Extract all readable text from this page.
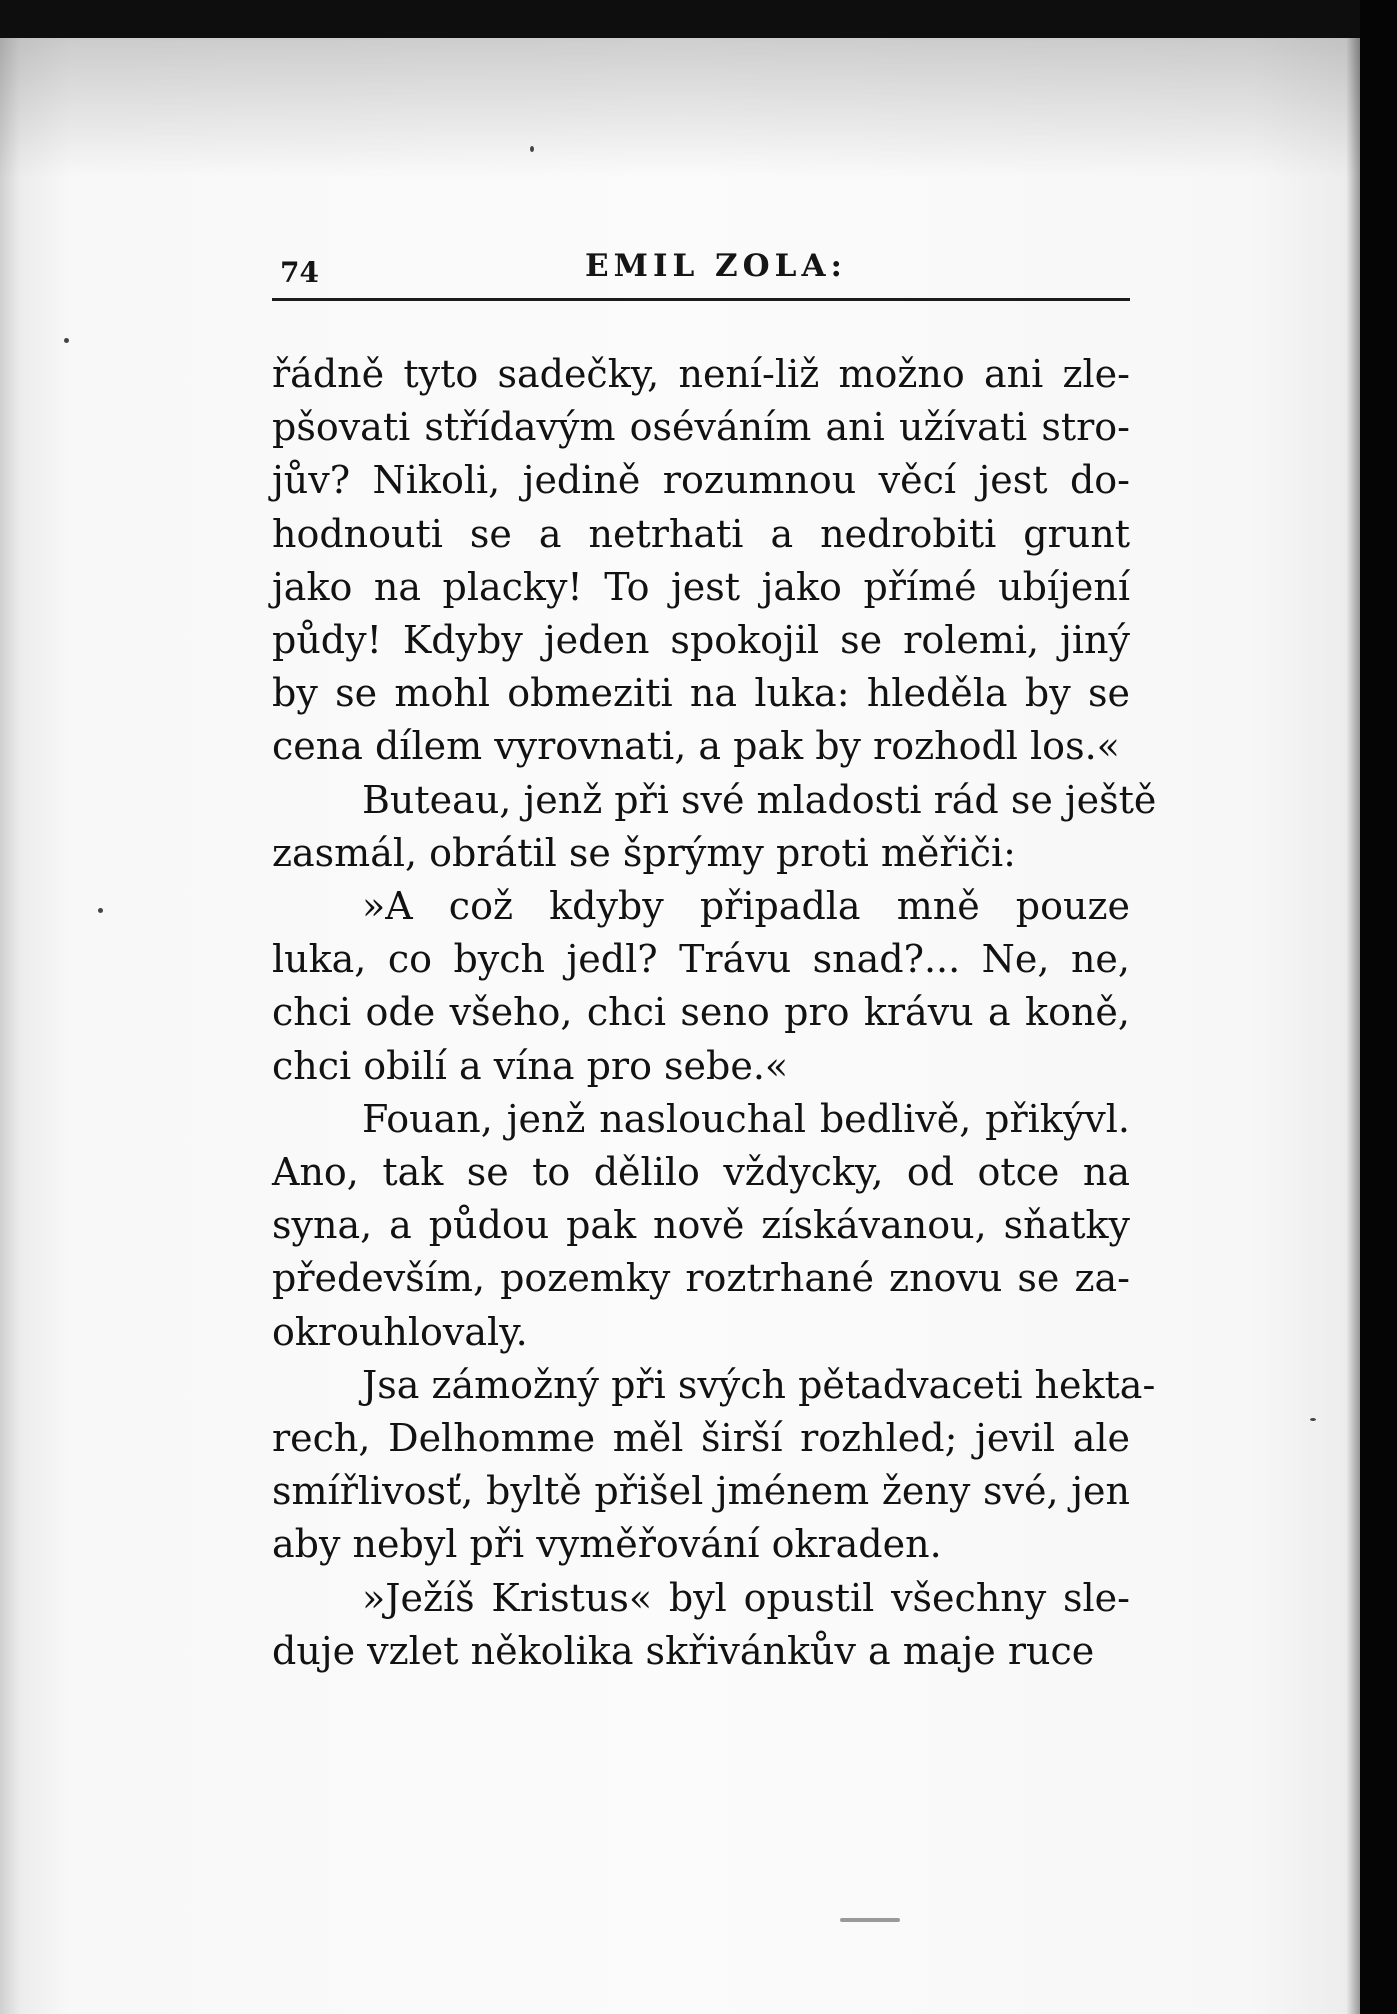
74	EMIL ZOLA:

řádně tyto sadečky, není-liž možno ani zle-
pšovati střídavým oséváním ani užívati stro-
jův? Nikoli, jedině rozumnou věcí jest do-
hodnouti se a netrhati a nedrobiti grunt
jako na placky! To jest jako přímé ubíjení
půdy! Kdyby jeden spokojil se rolemi, jiný
by se mohl obmeziti na luka: hleděla by se
cena dílem vyrovnati, a pak by rozhodl los.«

Buteau, jenž při své mladosti rád se ještě
zasmál, obrátil se šprýmy proti měřiči:

»A což kdyby připadla mně pouze
luka, co bych jedl? Trávu snad?... Ne, ne,
chci ode všeho, chci seno pro krávu a koně,
chci obilí a vína pro sebe.«

Fouan, jenž naslouchal bedlivě, přikývl.
Ano, tak se to dělilo vždycky, od otce na
syna, a půdou pak nově získávanou, sňatky
především, pozemky roztrhané znovu se za-
okrouhlovaly.

Jsa zámožný při svých pětadvaceti hekta-
rech, Delhomme měl širší rozhled; jevil ale
smířlivosť, byltě přišel jménem ženy své, jen
aby nebyl při vyměřování okraden.

»Ježíš Kristus« byl opustil všechny sle-
duje vzlet několika skřivánkův a maje ruce
